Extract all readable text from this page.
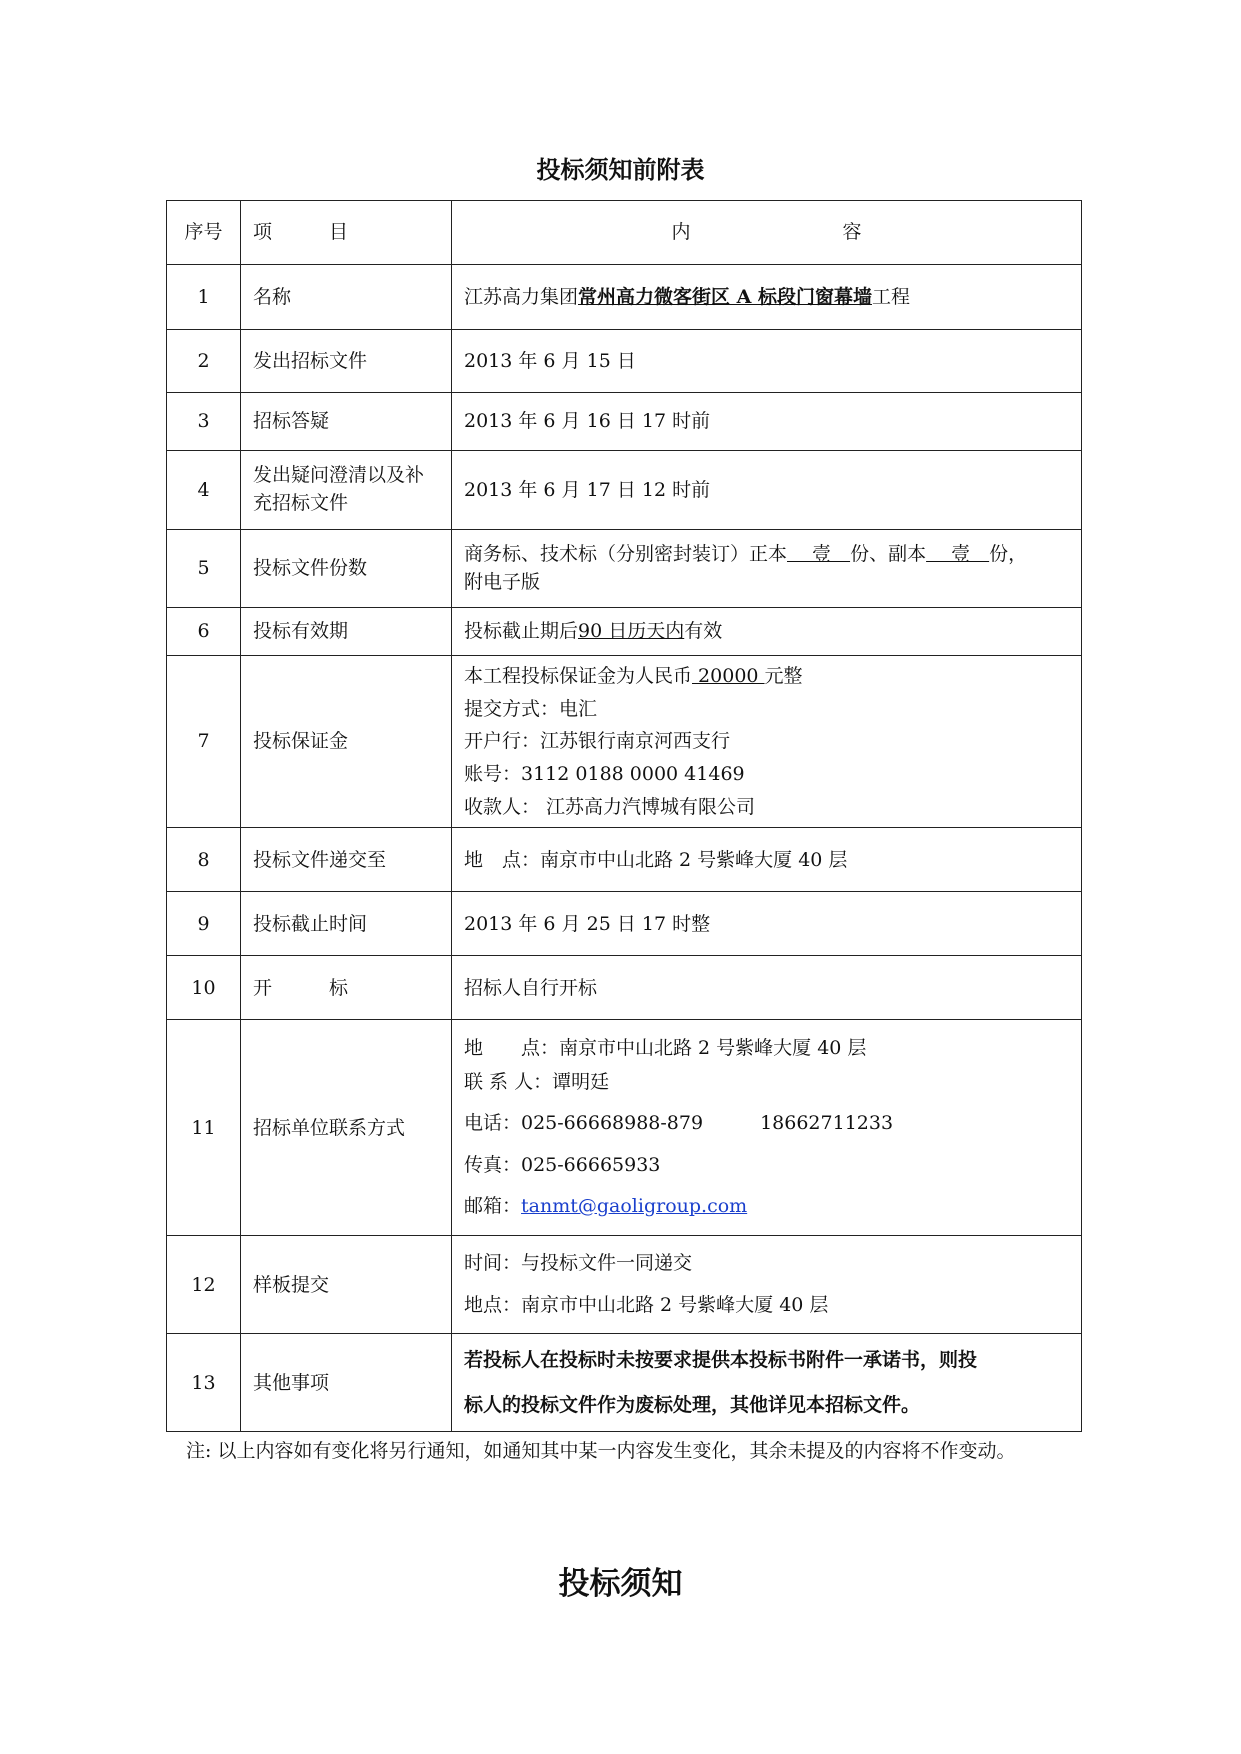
投标须知前附表
序号	项　　　目	内　　　　　　　　容
1	名称	江苏高力集团常州高力微客街区 A 标段门窗幕墙工程
2	发出招标文件	2013 年 6 月 15 日
3	招标答疑	2013 年 6 月 16 日 17 时前
4	发出疑问澄清以及补充招标文件	2013 年 6 月 17 日 12 时前
5	投标文件份数	商务标、技术标（分别密封装订）正本　 壹　份、副本　 壹　份，
附电子版

6	投标有效期	投标截止期后90 日历天内有效
7	投标保证金	本工程投标保证金为人民币 20000 元整
提交方式：电汇
开户行：江苏银行南京河西支行
账号：3112 0188 0000 41469
收款人： 江苏高力汽博城有限公司

8	投标文件递交至	地　点：南京市中山北路 2 号紫峰大厦 40 层
9	投标截止时间	2013 年 6 月 25 日 17 时整
10	开　　　标	招标人自行开标
11	招标单位联系方式	地　　点：南京市中山北路 2 号紫峰大厦 40 层
联 系 人：谭明廷
电话：025-66668988-879　　　18662711233
传真：025-66665933
邮箱：tanmt@gaoligroup.com

12	样板提交	时间：与投标文件一同递交
地点：南京市中山北路 2 号紫峰大厦 40 层

13	其他事项	若投标人在投标时未按要求提供本投标书附件一承诺书，则投
标人的投标文件作为废标处理，其他详见本招标文件。
注: 以上内容如有变化将另行通知，如通知其中某一内容发生变化，其余未提及的内容将不作变动。
投标须知
